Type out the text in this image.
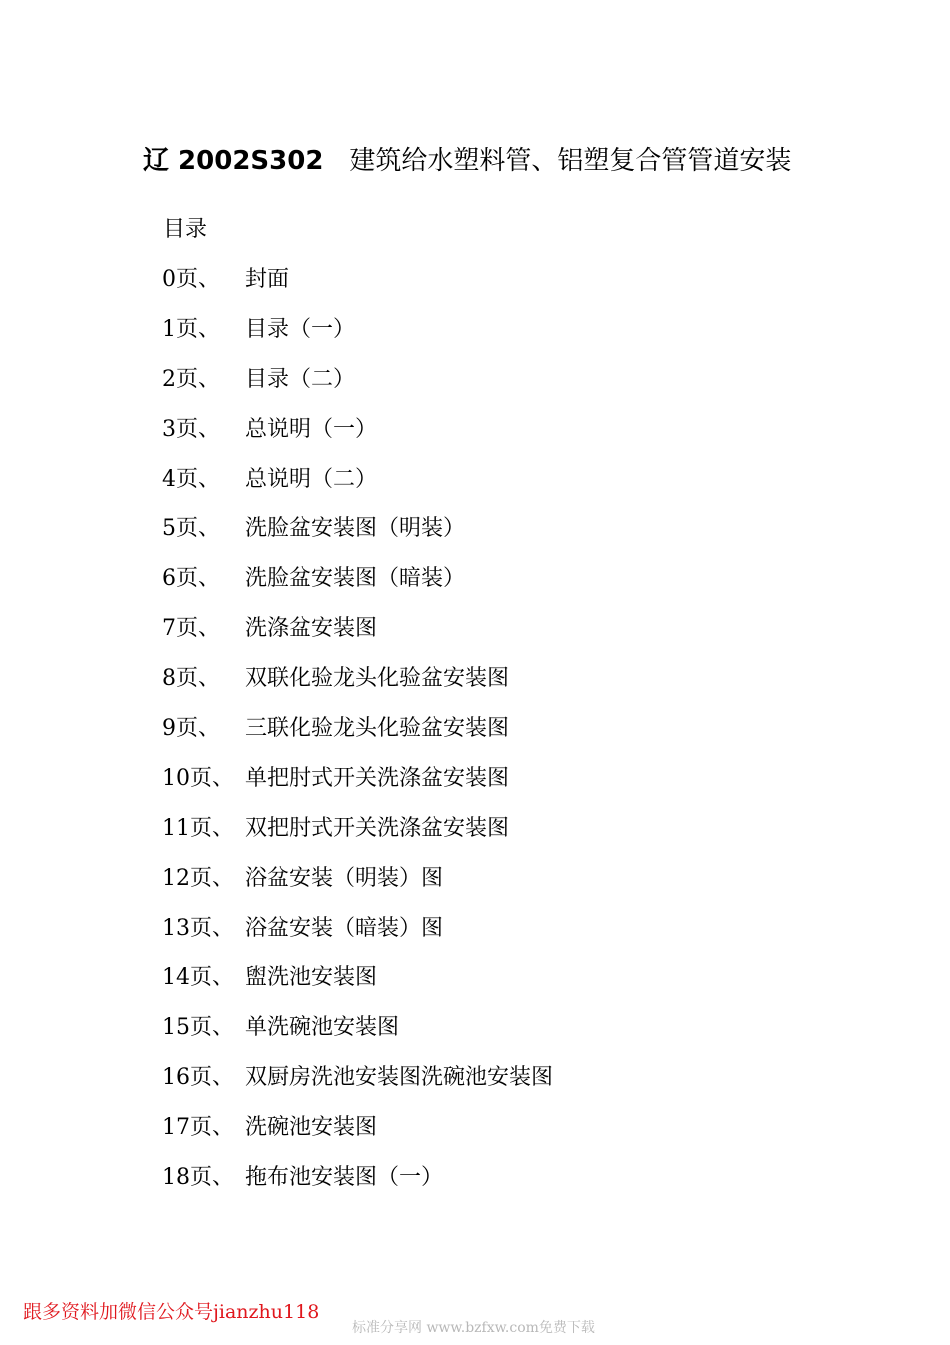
辽 2002S302 建筑给水塑料管、铝塑复合管管道安装
目录
0页、 封面
1页、 目录（一）
2页、 目录（二）
3页、 总说明（一）
4页、 总说明（二）
5页、 洗脸盆安装图（明装）
6页、 洗脸盆安装图（暗装）
7页、 洗涤盆安装图
8页、 双联化验龙头化验盆安装图
9页、 三联化验龙头化验盆安装图
10页、 单把肘式开关洗涤盆安装图
11页、 双把肘式开关洗涤盆安装图
12页、 浴盆安装（明装）图
13页、 浴盆安装（暗装）图
14页、 盥洗池安装图
15页、 单洗碗池安装图
16页、 双厨房洗池安装图洗碗池安装图
17页、 洗碗池安装图
18页、 拖布池安装图（一）
跟多资料加微信公众号jianzhu118
标准分享网 www.bzfxw.com免费下载
